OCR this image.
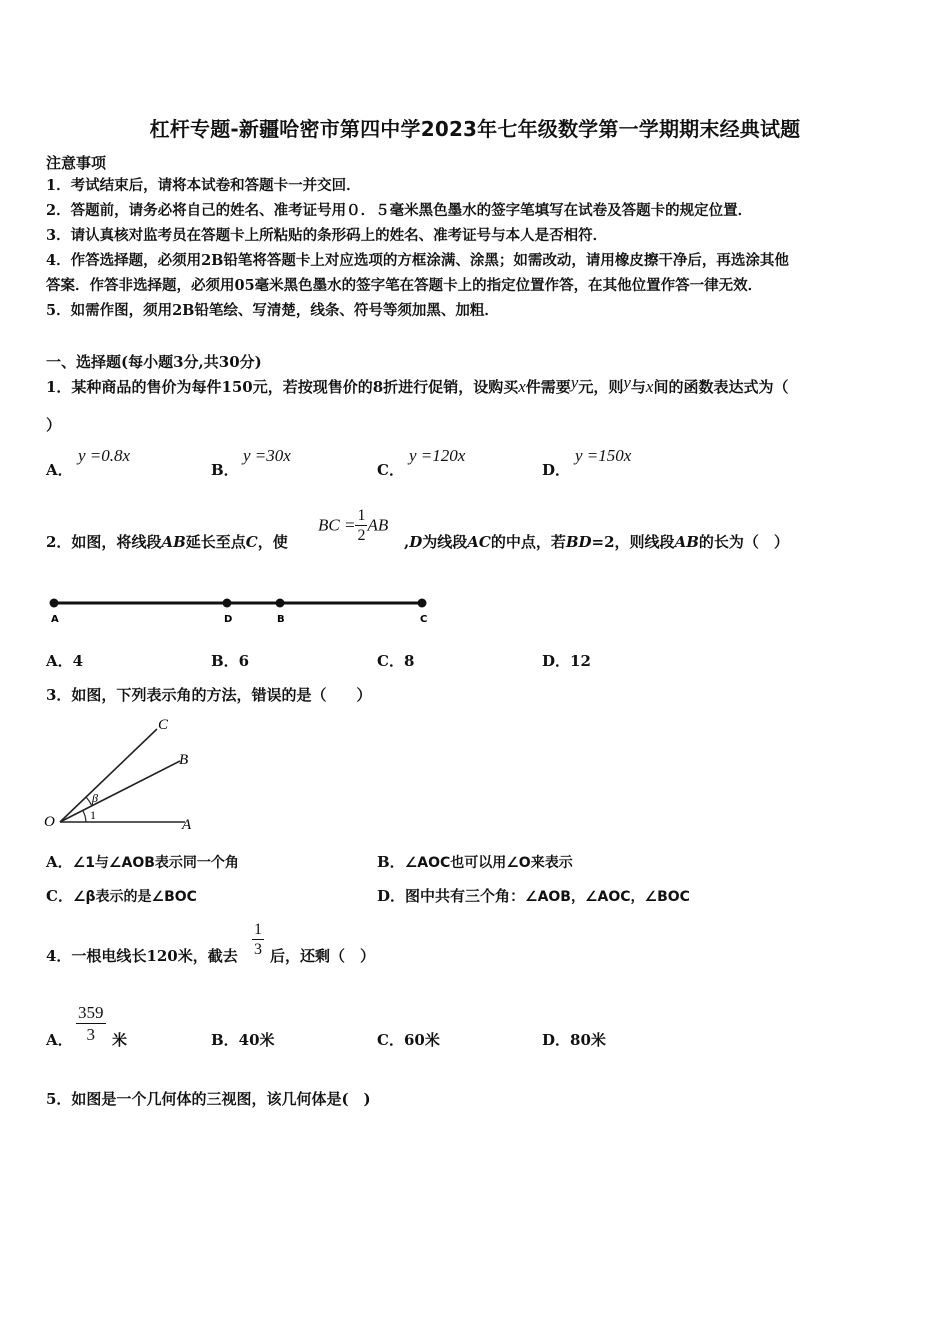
杠杆专题-新疆哈密市第四中学2023年七年级数学第一学期期末经典试题
注意事项
1．考试结束后，请将本试卷和答题卡一并交回．
2．答题前，请务必将自己的姓名、准考证号用０．５毫米黑色墨水的签字笔填写在试卷及答题卡的规定位置．
3．请认真核对监考员在答题卡上所粘贴的条形码上的姓名、准考证号与本人是否相符．
4．作答选择题，必须用2B铅笔将答题卡上对应选项的方框涂满、涂黑；如需改动，请用橡皮擦干净后，再选涂其他
答案．作答非选择题，必须用05毫米黑色墨水的签字笔在答题卡上的指定位置作答，在其他位置作答一律无效．
5．如需作图，须用2B铅笔绘、写清楚，线条、符号等须加黑、加粗．
一、选择题(每小题3分,共30分)
1．某种商品的售价为每件150元，若按现售价的8折进行促销，设购买x件需要y元，则y与x间的函数表达式为（
）
A．
y =0.8x
B．
y =30x
C．
y =120x
D．
y =150x
2．如图，将线段AB延长至点C，使
BC = $\frac{1}{2}$ AB
,D为线段AC的中点，若BD=2，则线段AB的长为（　）
A	D	B	C
A．4	B．6	C．8	D．12
3．如图，下列表示角的方法，错误的是（　　）
O	A
B
C
β
1
A．∠1与∠AOB表示同一个角	B．∠AOC也可以用∠O来表示
C．∠β表示的是∠BOC	D．图中共有三个角：∠AOB，∠AOC，∠BOC
4．一根电线长120米，截去 $\frac{1}{3}$ 后，还剩（　）
A． $\frac{359}{3}$ 米	B．40米	C．60米	D．80米
5．如图是一个几何体的三视图，该几何体是(　)
